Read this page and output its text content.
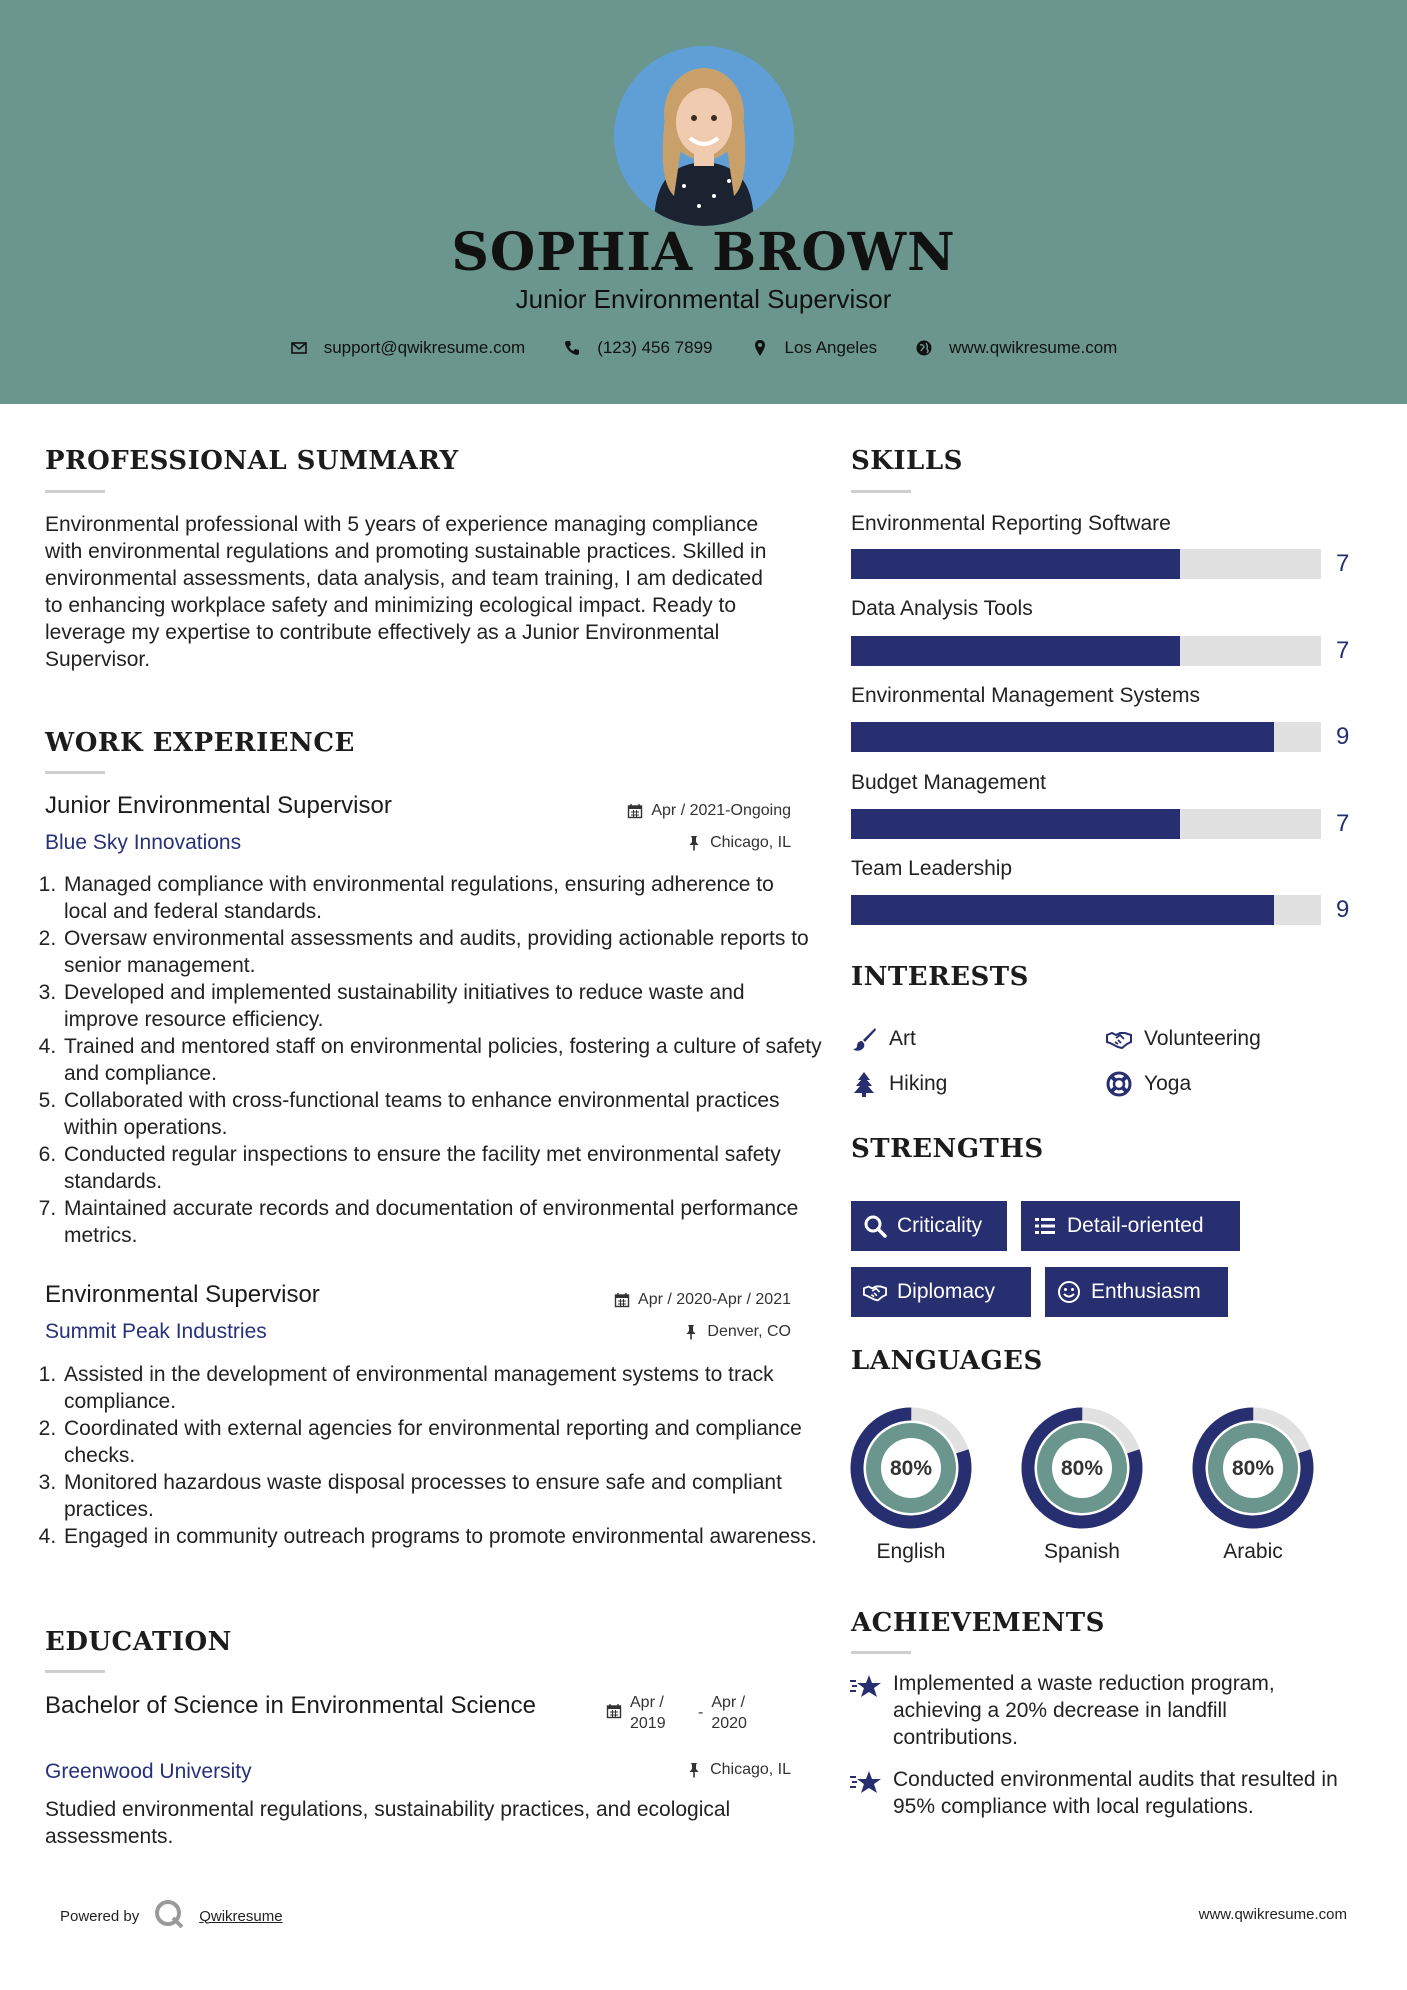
SOPHIA BROWN
Junior Environmental Supervisor
support@qwikresume.com	(123) 456 7899	Los Angeles	www.qwikresume.com
PROFESSIONAL SUMMARY
Environmental professional with 5 years of experience managing compliance with environmental regulations and promoting sustainable practices. Skilled in environmental assessments, data analysis, and team training, I am dedicated to enhancing workplace safety and minimizing ecological impact. Ready to leverage my expertise to contribute effectively as a Junior Environmental Supervisor.
WORK EXPERIENCE
Junior Environmental Supervisor
Blue Sky Innovations
Apr / 2021-Ongoing
Chicago, IL
1. Managed compliance with environmental regulations, ensuring adherence to local and federal standards.
2. Oversaw environmental assessments and audits, providing actionable reports to senior management.
3. Developed and implemented sustainability initiatives to reduce waste and improve resource efficiency.
4. Trained and mentored staff on environmental policies, fostering a culture of safety and compliance.
5. Collaborated with cross-functional teams to enhance environmental practices within operations.
6. Conducted regular inspections to ensure the facility met environmental safety standards.
7. Maintained accurate records and documentation of environmental performance metrics.
Environmental Supervisor
Summit Peak Industries
Apr / 2020-Apr / 2021
Denver, CO
1. Assisted in the development of environmental management systems to track compliance.
2. Coordinated with external agencies for environmental reporting and compliance checks.
3. Monitored hazardous waste disposal processes to ensure safe and compliant practices.
4. Engaged in community outreach programs to promote environmental awareness.
EDUCATION
Bachelor of Science in Environmental Science
Greenwood University
Apr / 2019
-
Apr / 2020
Chicago, IL
Studied environmental regulations, sustainability practices, and ecological assessments.
SKILLS
Environmental Reporting Software
7
Data Analysis Tools
7
Environmental Management Systems
9
Budget Management
7
Team Leadership
9
INTERESTS
Art	Volunteering
Hiking	Yoga
STRENGTHS
Criticality	Detail-oriented
Diplomacy	Enthusiasm
LANGUAGES
80%
English
80%
Spanish
80%
Arabic
ACHIEVEMENTS
Implemented a waste reduction program, achieving a 20% decrease in landfill contributions.
Conducted environmental audits that resulted in 95% compliance with local regulations.
Powered by	Qwikresume	www.qwikresume.com
